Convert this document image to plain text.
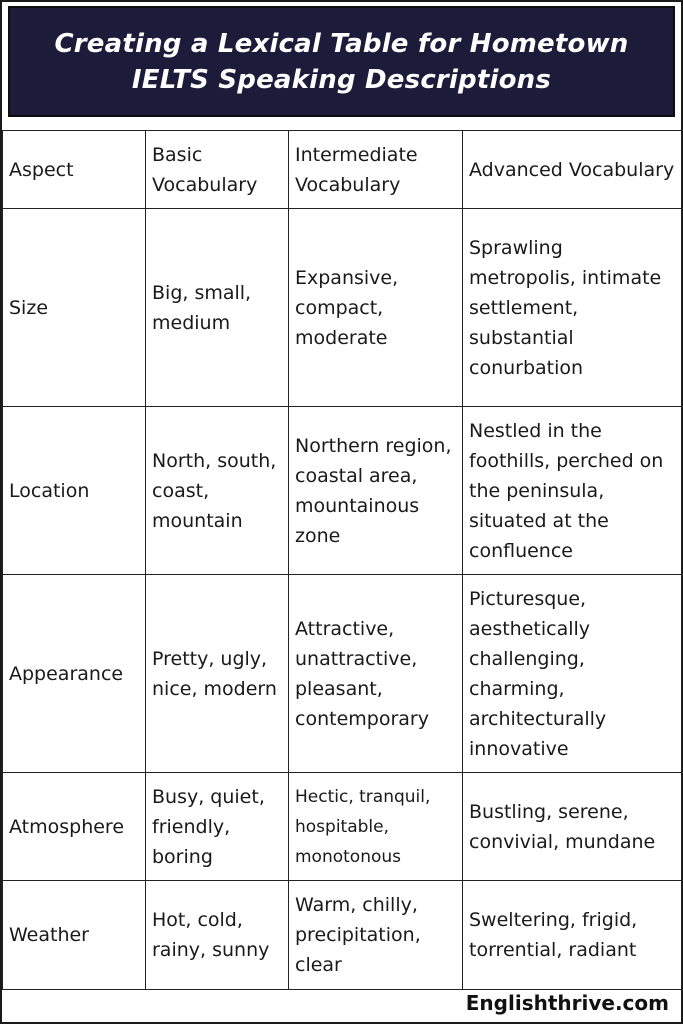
Creating a Lexical Table for Hometown IELTS Speaking Descriptions
Aspect	Basic Vocabulary	Intermediate Vocabulary	Advanced Vocabulary
Size	Big, small, medium	Expansive, compact, moderate	Sprawling metropolis, intimate settlement, substantial conurbation
Location	North, south, coast, mountain	Northern region, coastal area, mountainous zone	Nestled in the foothills, perched on the peninsula, situated at the confluence
Appearance	Pretty, ugly, nice, modern	Attractive, unattractive, pleasant, contemporary	Picturesque, aesthetically challenging, charming, architecturally innovative
Atmosphere	Busy, quiet, friendly, boring	Hectic, tranquil, hospitable, monotonous	Bustling, serene, convivial, mundane
Weather	Hot, cold, rainy, sunny	Warm, chilly, precipitation, clear	Sweltering, frigid, torrential, radiant
Englishthrive.com
